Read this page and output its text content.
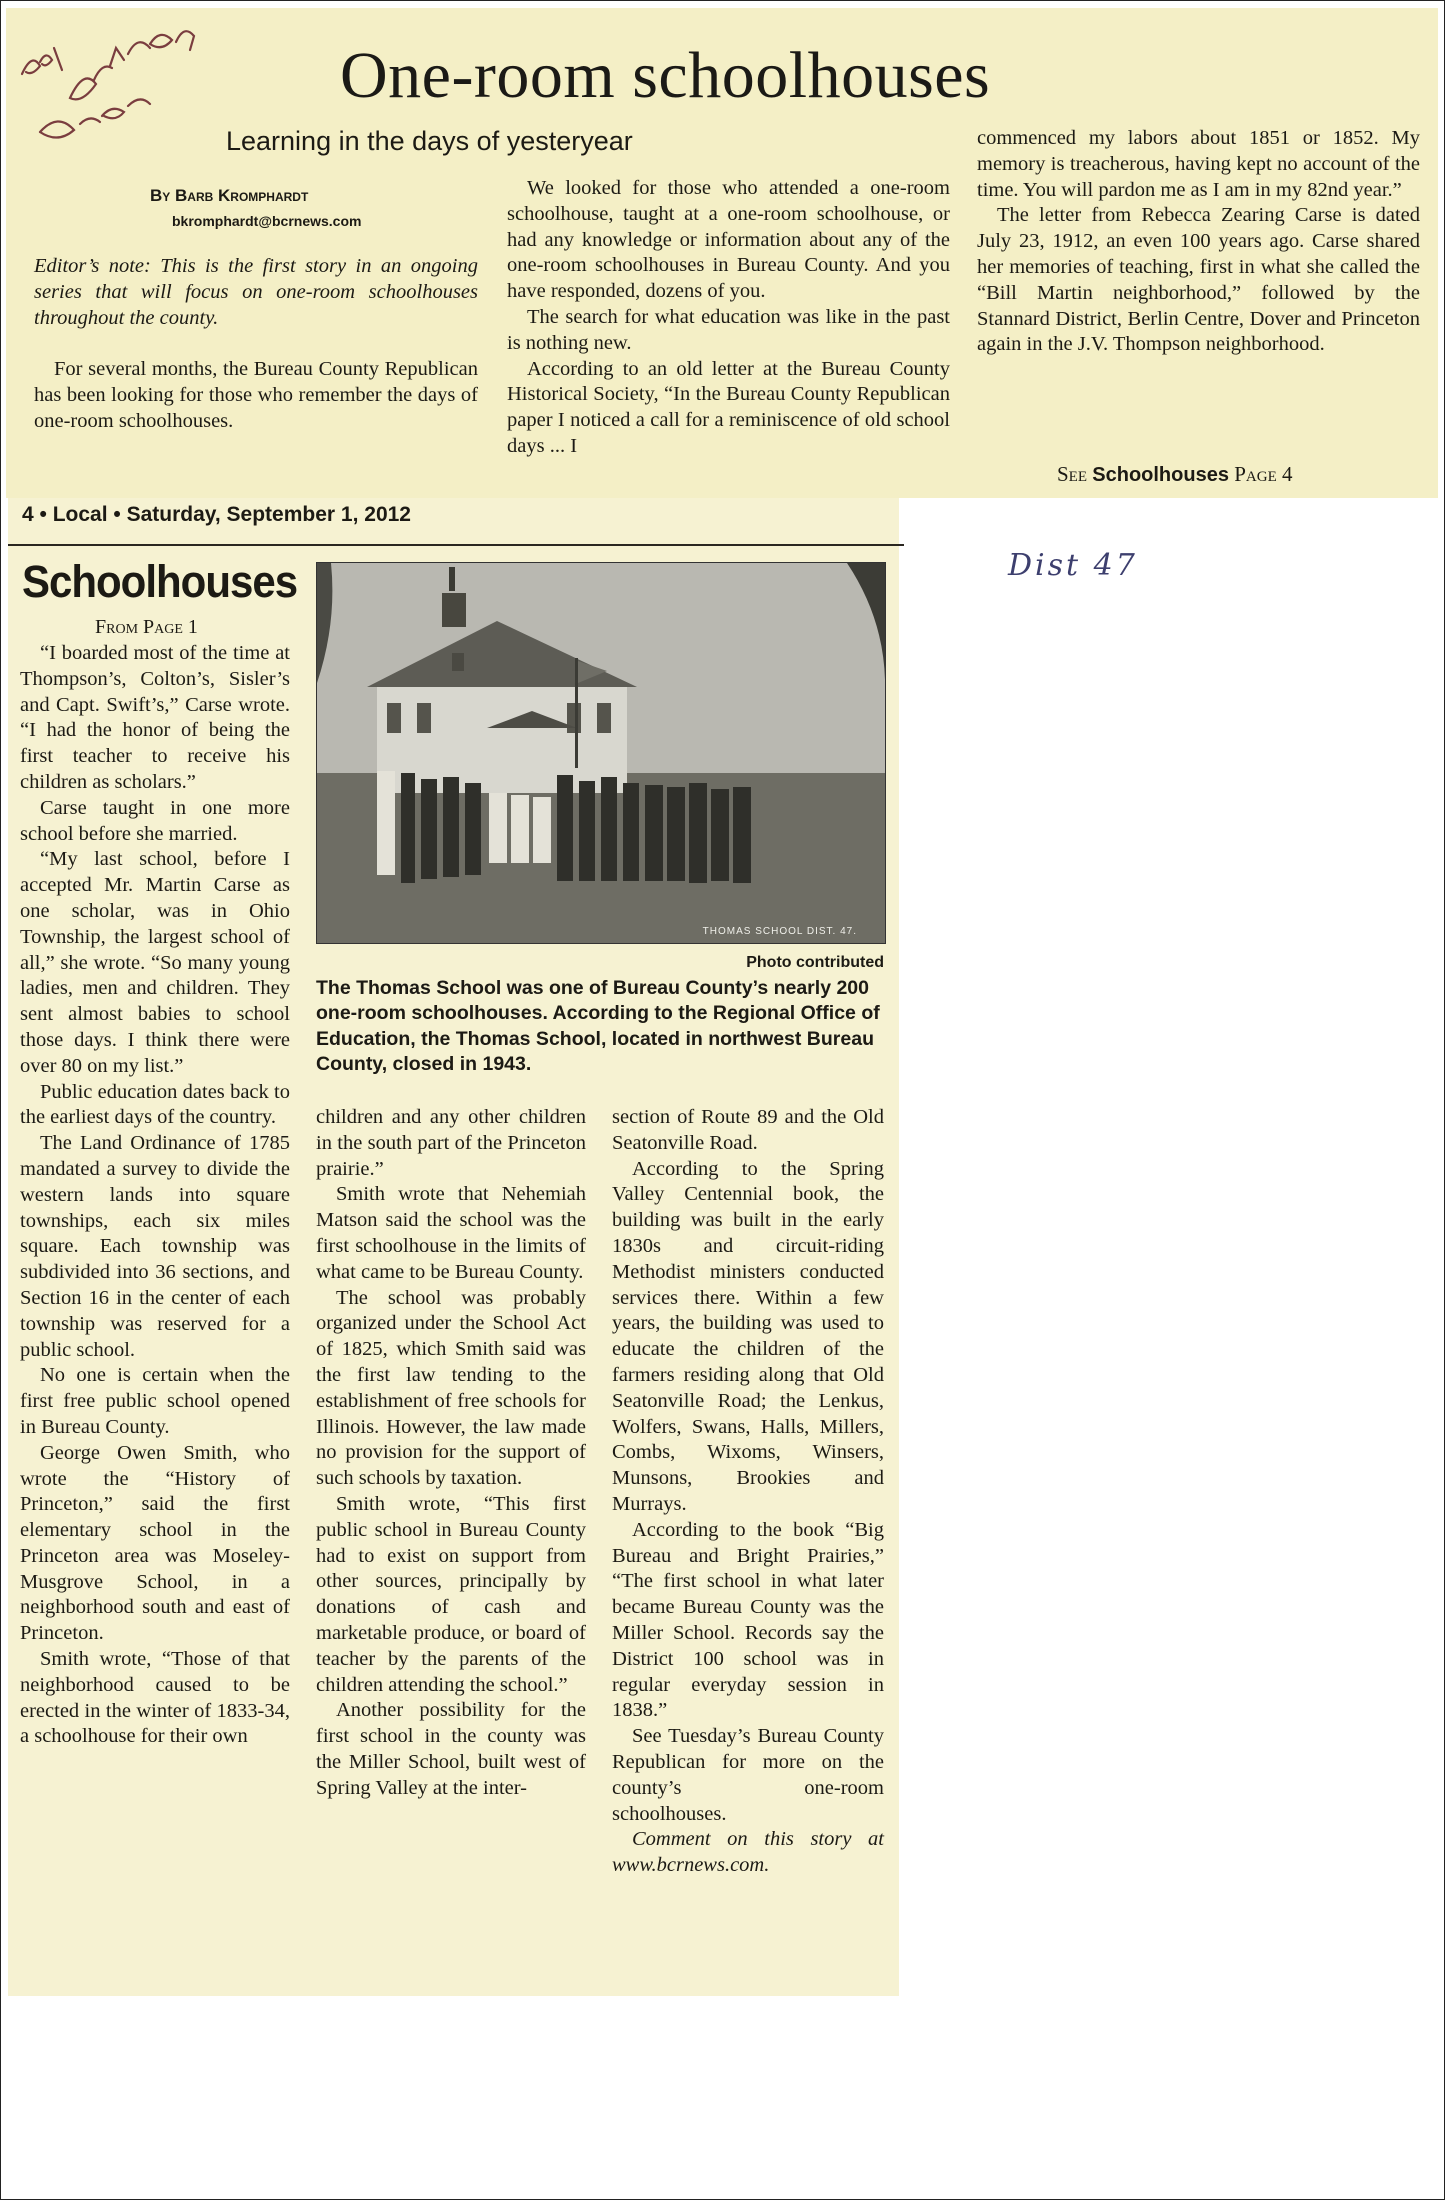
One-room schoolhouses
Learning in the days of yesteryear
By Barb Kromphardt
bkromphardt@bcrnews.com

Editor’s note: This is the first story in an ongoing series that will focus on one-room schoolhouses throughout the county.

For several months, the Bureau County Republican has been looking for those who remember the days of one-room schoolhouses.

We looked for those who attended a one-room schoolhouse, taught at a one-room schoolhouse, or had any knowledge or information about any of the one-room schoolhouses in Bureau County. And you have responded, dozens of you.

The search for what education was like in the past is nothing new.

According to an old letter at the Bureau County Historical Society, “In the Bureau County Republican paper I noticed a call for a reminiscence of old school days ... I

commenced my labors about 1851 or 1852. My memory is treacherous, having kept no account of the time. You will pardon me as I am in my 82nd year.”

The letter from Rebecca Zearing Carse is dated July 23, 1912, an even 100 years ago. Carse shared her memories of teaching, first in what she called the “Bill Martin neighborhood,” followed by the Stannard District, Berlin Centre, Dover and Princeton again in the J.V. Thompson neighborhood.

See Schoolhouses Page 4
4 • Local • Saturday, September 1, 2012
Schoolhouses
From Page 1
THOMAS SCHOOL DIST. 47.
Photo contributed
The Thomas School was one of Bureau County’s nearly 200 one-room schoolhouses. According to the Regional Office of Education, the Thomas School, located in northwest Bureau County, closed in 1943.

“I boarded most of the time at Thompson’s, Colton’s, Sisler’s and Capt. Swift’s,” Carse wrote. “I had the honor of being the first teacher to receive his children as scholars.”

Carse taught in one more school before she married.

“My last school, before I accepted Mr. Martin Carse as one scholar, was in Ohio Township, the largest school of all,” she wrote. “So many young ladies, men and children. They sent almost babies to school those days. I think there were over 80 on my list.”

Public education dates back to the earliest days of the country.

The Land Ordinance of 1785 mandated a survey to divide the western lands into square townships, each six miles square. Each township was subdivided into 36 sections, and Section 16 in the center of each township was reserved for a public school.

No one is certain when the first free public school opened in Bureau County.

George Owen Smith, who wrote the “History of Princeton,” said the first elementary school in the Princeton area was Moseley-Musgrove School, in a neighborhood south and east of Princeton.

Smith wrote, “Those of that neighborhood caused to be erected in the winter of 1833-34, a schoolhouse for their own

children and any other children in the south part of the Princeton prairie.”

Smith wrote that Nehemiah Matson said the school was the first schoolhouse in the limits of what came to be Bureau County.

The school was probably organized under the School Act of 1825, which Smith said was the first law tending to the establishment of free schools for Illinois. However, the law made no provision for the support of such schools by taxation.

Smith wrote, “This first public school in Bureau County had to exist on support from other sources, principally by donations of cash and marketable produce, or board of teacher by the parents of the children attending the school.”

Another possibility for the first school in the county was the Miller School, built west of Spring Valley at the inter-

section of Route 89 and the Old Seatonville Road.

According to the Spring Valley Centennial book, the building was built in the early 1830s and circuit-riding Methodist ministers conducted services there. Within a few years, the building was used to educate the children of the farmers residing along that Old Seatonville Road; the Lenkus, Wolfers, Swans, Halls, Millers, Combs, Wixoms, Winsers, Munsons, Brookies and Murrays.

According to the book “Big Bureau and Bright Prairies,” “The first school in what later became Bureau County was the Miller School. Records say the District 100 school was in regular everyday session in 1838.”

See Tuesday’s Bureau County Republican for more on the county’s one-room schoolhouses.

Comment on this story at www.bcrnews.com.

Dist 47
